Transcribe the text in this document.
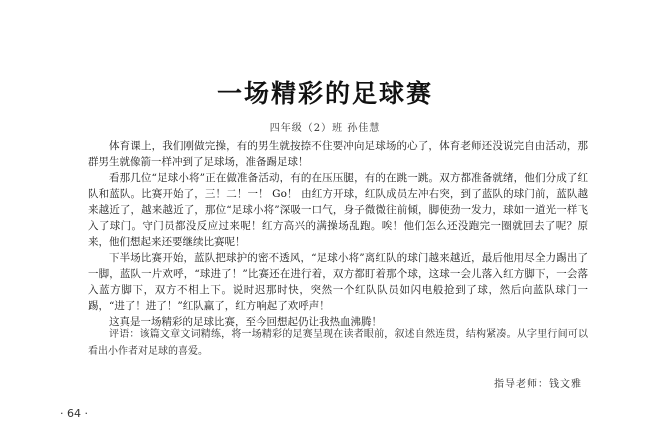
一场精彩的足球赛
四年级（2）班 孙佳慧

体育课上，我们刚做完操，有的男生就按捺不住要冲向足球场的心了，体育老师还没说完自由活动，那群男生就像箭一样冲到了足球场，准备踢足球！

看那几位“足球小将”正在做准备活动，有的在压压腿，有的在跳一跳。双方都准备就绪，他们分成了红队和蓝队。比赛开始了，三！二！一！ Go！ 由红方开球，红队成员左冲右突，到了蓝队的球门前，蓝队越来越近了，越来越近了，那位“足球小将”深吸一口气，身子微微往前倾，脚使劲一发力，球如一道光一样飞入了球门。守门员都没反应过来呢！红方高兴的满操场乱跑。唉！他们怎么还没跑完一圈就回去了呢？原来，他们想起来还要继续比赛呢！

下半场比赛开始，蓝队把球护的密不透风，“足球小将”离红队的球门越来越近，最后他用尽全力踢出了一脚，蓝队一片欢呼，“球进了！”比赛还在进行着，双方都盯着那个球，这球一会儿落入红方脚下，一会落入蓝方脚下，双方不相上下。说时迟那时快，突然一个红队队员如闪电般抢到了球，然后向蓝队球门一踢，“进了！进了！”红队赢了，红方响起了欢呼声！

这真是一场精彩的足球比赛，至今回想起仍让我热血沸腾！

评语：该篇文章文词精练，将一场精彩的足赛呈现在读者眼前，叙述自然连贯，结构紧凑。从字里行间可以看出小作者对足球的喜爱。

指导老师：钱文雅
· 64 ·
